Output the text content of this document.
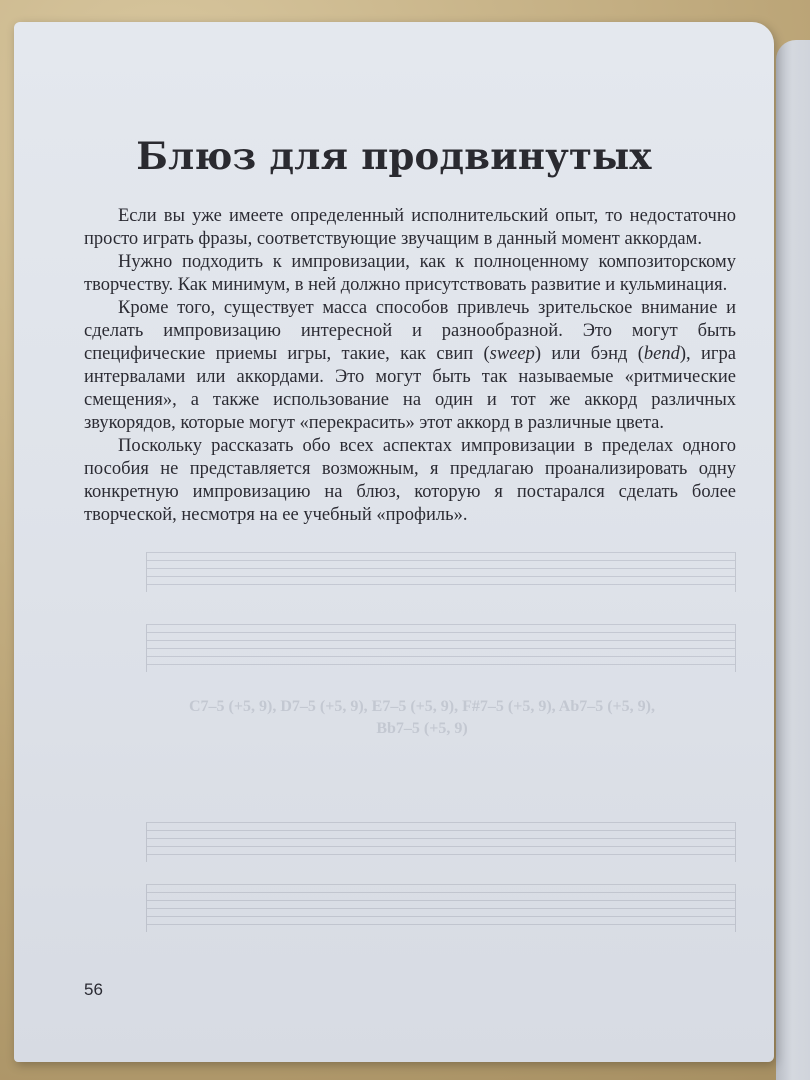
C7–5 (+5, 9), D7–5 (+5, 9), E7–5 (+5, 9), F#7–5 (+5, 9), Ab7–5 (+5, 9),
Bb7–5 (+5, 9)
Блюз для продвинутых

Если вы уже имеете определенный исполнительский опыт, то недостаточно просто играть фразы, соответствующие звучащим в данный момент аккордам.

Нужно подходить к импровизации, как к полноценному композиторскому творчеству. Как минимум, в ней должно присутствовать развитие и кульминация.

Кроме того, существует масса способов привлечь зрительское внимание и сделать импровизацию интересной и разнообразной. Это могут быть специфические приемы игры, такие, как свип (sweep) или бэнд (bend), игра интервалами или аккордами. Это могут быть так называемые «ритмические смещения», а также использование на один и тот же аккорд различных звукорядов, которые могут «перекрасить» этот аккорд в различные цвета.

Поскольку рассказать обо всех аспектах импровизации в пределах одного пособия не представляется возможным, я предлагаю проанализировать одну конкретную импровизацию на блюз, которую я постарался сделать более творческой, несмотря на ее учебный «профиль».

56
